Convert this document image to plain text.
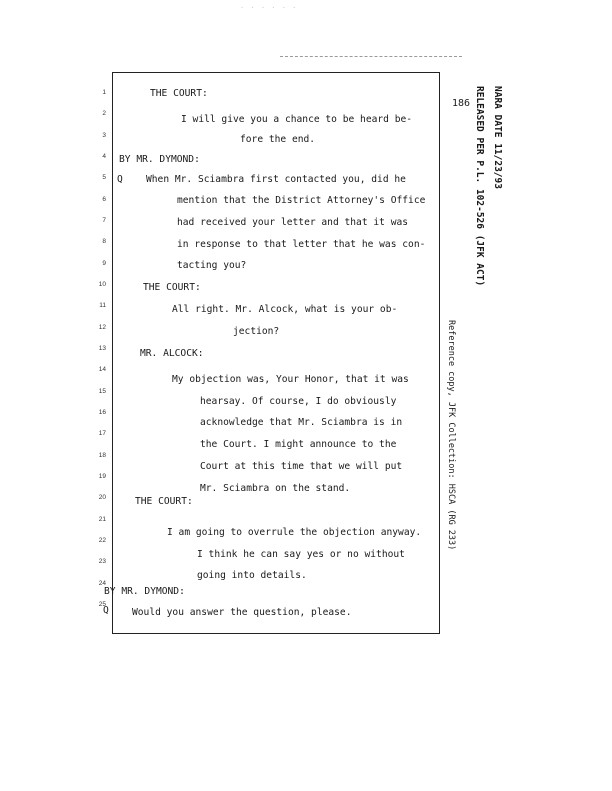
· · · · · ·
186 RELEASED PER P.L. 102-526 (JFK ACT) NARA DATE 11/23/93
Reference copy, JFK Collection: HSCA (RG 233)
1
2
3
4
5
6
7
8
9
10
11
12
13
14
15
16
17
18
19
20
21
22
23
24
25
THE COURT:
I will give you a chance to be heard be-
fore the end.
BY MR. DYMOND:
Q When Mr. Sciambra first contacted you, did he
mention that the District Attorney's Office
had received your letter and that it was
in response to that letter that he was con-
tacting you?
THE COURT:
All right. Mr. Alcock, what is your ob-
jection?
MR. ALCOCK:
My objection was, Your Honor, that it was
hearsay. Of course, I do obviously
acknowledge that Mr. Sciambra is in
the Court. I might announce to the
Court at this time that we will put
Mr. Sciambra on the stand.
THE COURT:
I am going to overrule the objection anyway.
I think he can say yes or no without
going into details.
BY MR. DYMOND:
Q Would you answer the question, please.
